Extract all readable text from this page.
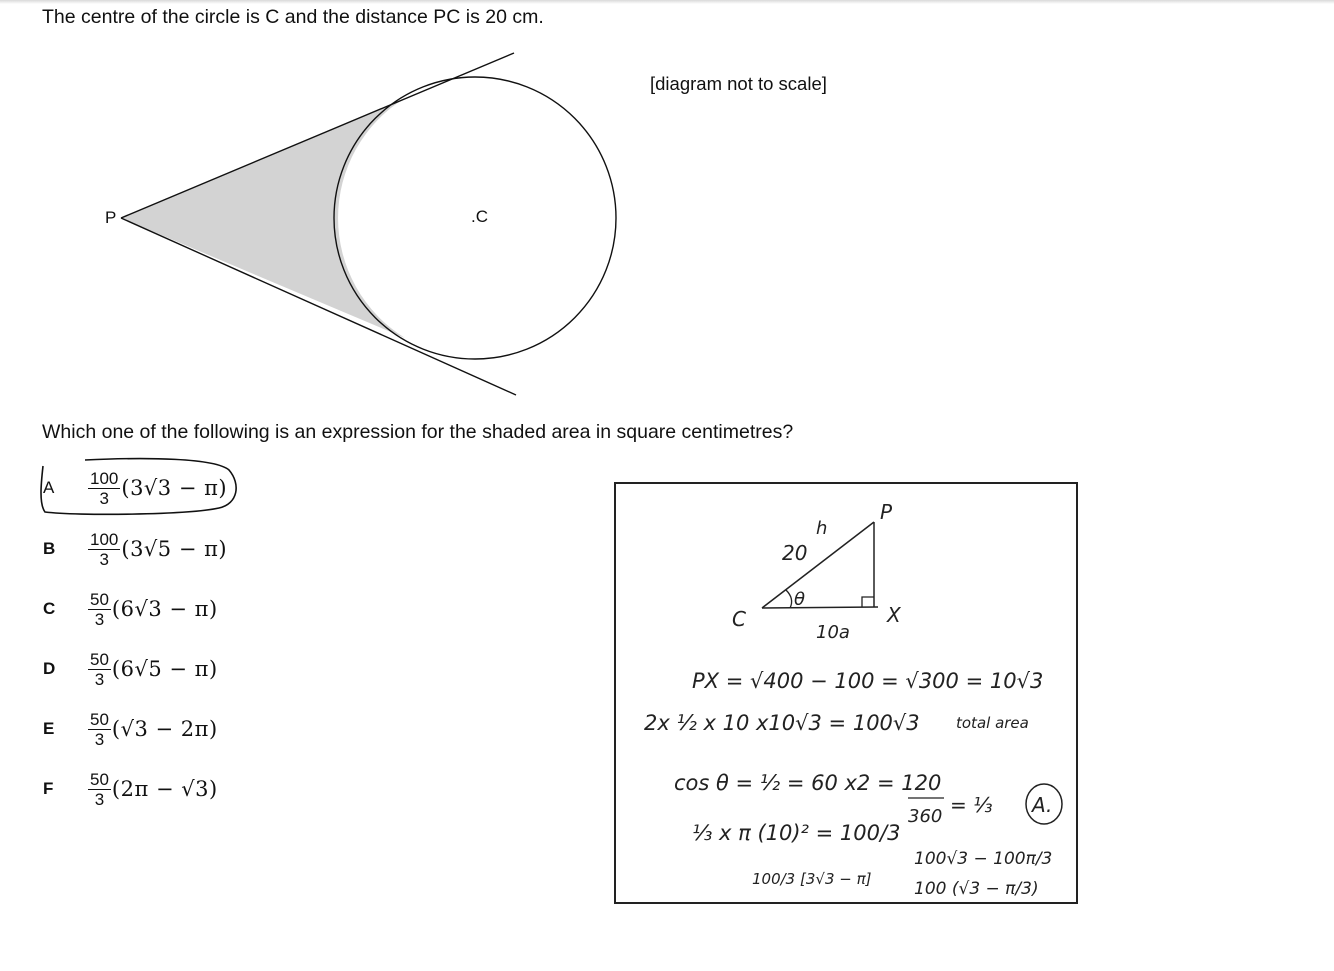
The centre of the circle is C and the distance PC is 20 cm.
P	.C
[diagram not to scale]
Which one of the following is an expression for the shaded area in square centimetres?
A	$\frac{100}{3} (3√3 - \pi)$
B	$\frac{100}{3} (3√5 - \pi)$
C	$\frac{50}{3} (6√3 - \pi)$
D	$\frac{50}{3} (6√5 - \pi)$
E	$\frac{50}{3} (√3 - 2\pi)$
F	$\frac{50}{3} (2\pi - √3)$
P
C	X
20
h
10a
θ
PX = √400 − 100 = √300 = 10√3
2x ½ x 10 x10√3 = 100√3 total area
cos θ = ½ = 60 x2 = 120
360 = ⅓ A.
⅓ x π (10)² = 100/3
100/3 [3√3 − π]
100√3 − 100π/3
100 (√3 − π/3)
